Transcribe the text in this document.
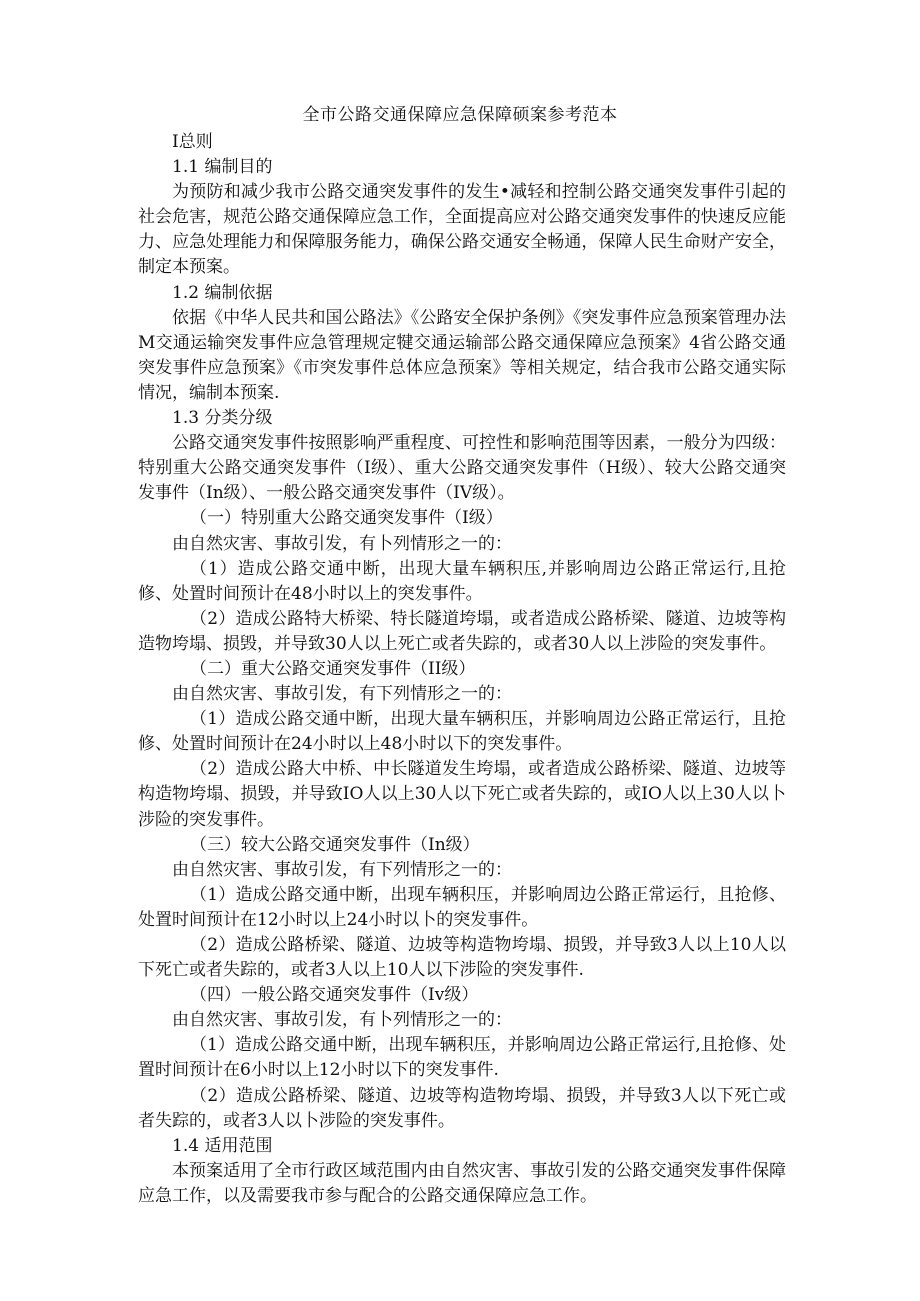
全市公路交通保障应急保障硕案参考范本

I总则

1.1 编制目的

为预防和减少我市公路交通突发事件的发生•减轻和控制公路交通突发事件引起的社会危害，规范公路交通保障应急工作，全面提高应对公路交通突发事件的快速反应能力、应急处理能力和保障服务能力，确保公路交通安全畅通，保障人民生命财产安全，制定本预案。

1.2 编制依据

依据《中华人民共和国公路法》《公路安全保护条例》《突发事件应急预案管理办法M交通运输突发事件应急管理规定犍交通运输部公路交通保障应急预案》4省公路交通突发事件应急预案》《市突发事件总体应急预案》等相关规定，结合我市公路交通实际情况，编制本预案.

1.3 分类分级

公路交通突发事件按照影响严重程度、可控性和影响范围等因素，一般分为四级：特别重大公路交通突发事件（I级）、重大公路交通突发事件（H级）、较大公路交通突发事件（In级）、一般公路交通突发事件（IV级）。

（一）特别重大公路交通突发事件（I级）

由自然灾害、事故引发，有卜列情形之一的：

（1）造成公路交通中断，出现大量车辆积压,并影响周边公路正常运行,且抢修、处置时间预计在48小时以上的突发事件。

（2）造成公路特大桥梁、特长隧道垮塌，或者造成公路桥梁、隧道、边坡等构造物垮塌、损毁，并导致30人以上死亡或者失踪的，或者30人以上涉险的突发事件。

（二）重大公路交通突发事件（II级）

由自然灾害、事故引发，有下列情形之一的：

（1）造成公路交通中断，出现大量车辆积压，并影响周边公路正常运行，且抢修、处置时间预计在24小时以上48小时以下的突发事件。

（2）造成公路大中桥、中长隧道发生垮塌，或者造成公路桥梁、隧道、边坡等构造物垮塌、损毁，并导致IO人以上30人以下死亡或者失踪的，或IO人以上30人以卜涉险的突发事件。

（三）较大公路交通突发事件（In级）

由自然灾害、事故引发，有下列情形之一的：

（1）造成公路交通中断，出现车辆积压，并影响周边公路正常运行，且抢修、处置时间预计在12小时以上24小时以卜的突发事件。

（2）造成公路桥梁、隧道、边坡等构造物垮塌、损毁，并导致3人以上10人以下死亡或者失踪的，或者3人以上10人以下涉险的突发事件.

（四）一般公路交通突发事件（Iv级）

由自然灾害、事故引发，有卜列情形之一的：

（1）造成公路交通中断，出现车辆积压，并影响周边公路正常运行,且抢修、处置时间预计在6小时以上12小时以下的突发事件.

（2）造成公路桥梁、隧道、边坡等构造物垮塌、损毁，并导致3人以下死亡或者失踪的，或者3人以卜涉险的突发事件。

1.4 适用范围

本预案适用了全市行政区域范围内由自然灾害、事故引发的公路交通突发事件保障应急工作，以及需要我市参与配合的公路交通保障应急工作。
